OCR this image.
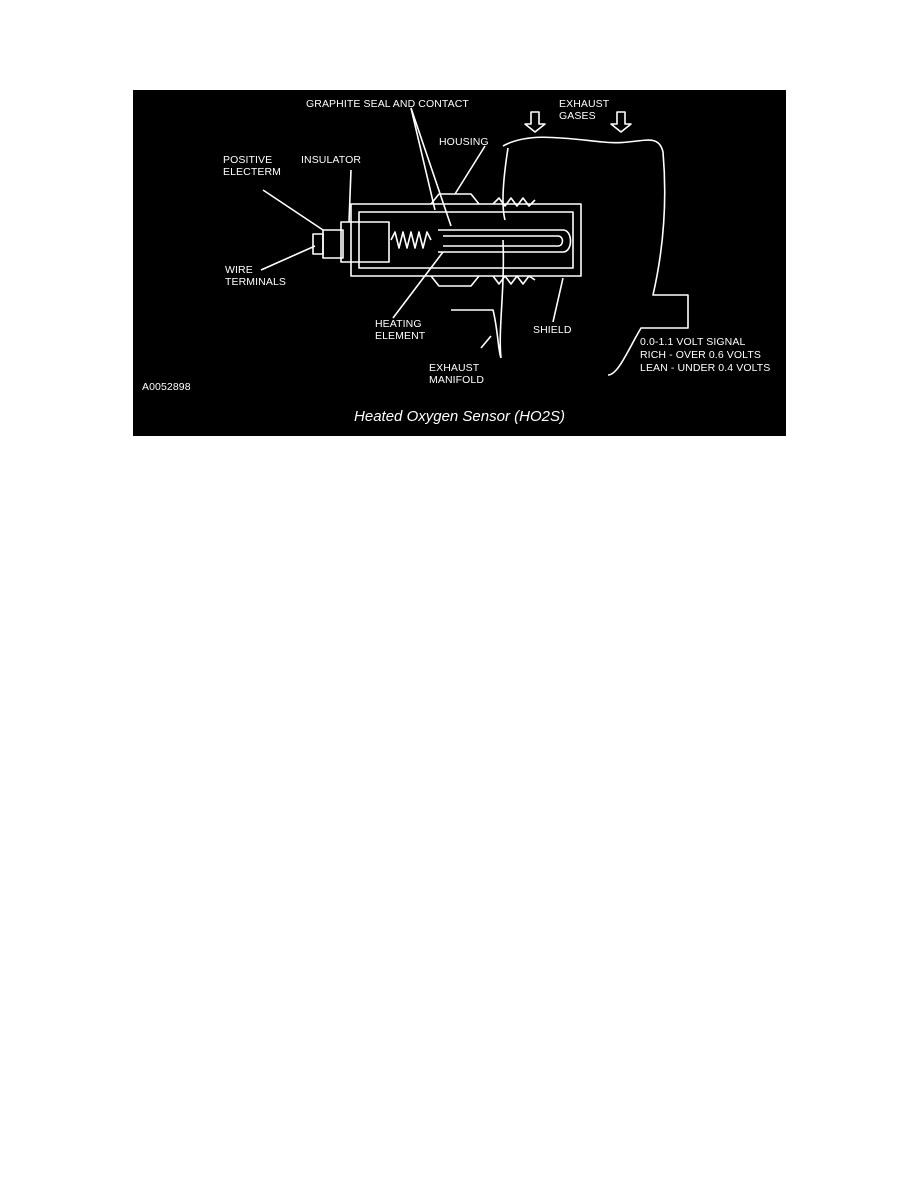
GRAPHITE SEAL AND CONTACT	EXHAUST
GASES
HOUSING
POSITIVE
ELECTERM
INSULATOR
WIRE
TERMINALS
HEATING
ELEMENT	SHIELD
EXHAUST
MANIFOLD
0.0-1.1 VOLT SIGNAL
RICH - OVER 0.6 VOLTS
LEAN - UNDER 0.4 VOLTS
A0052898
Heated Oxygen Sensor (HO2S)
